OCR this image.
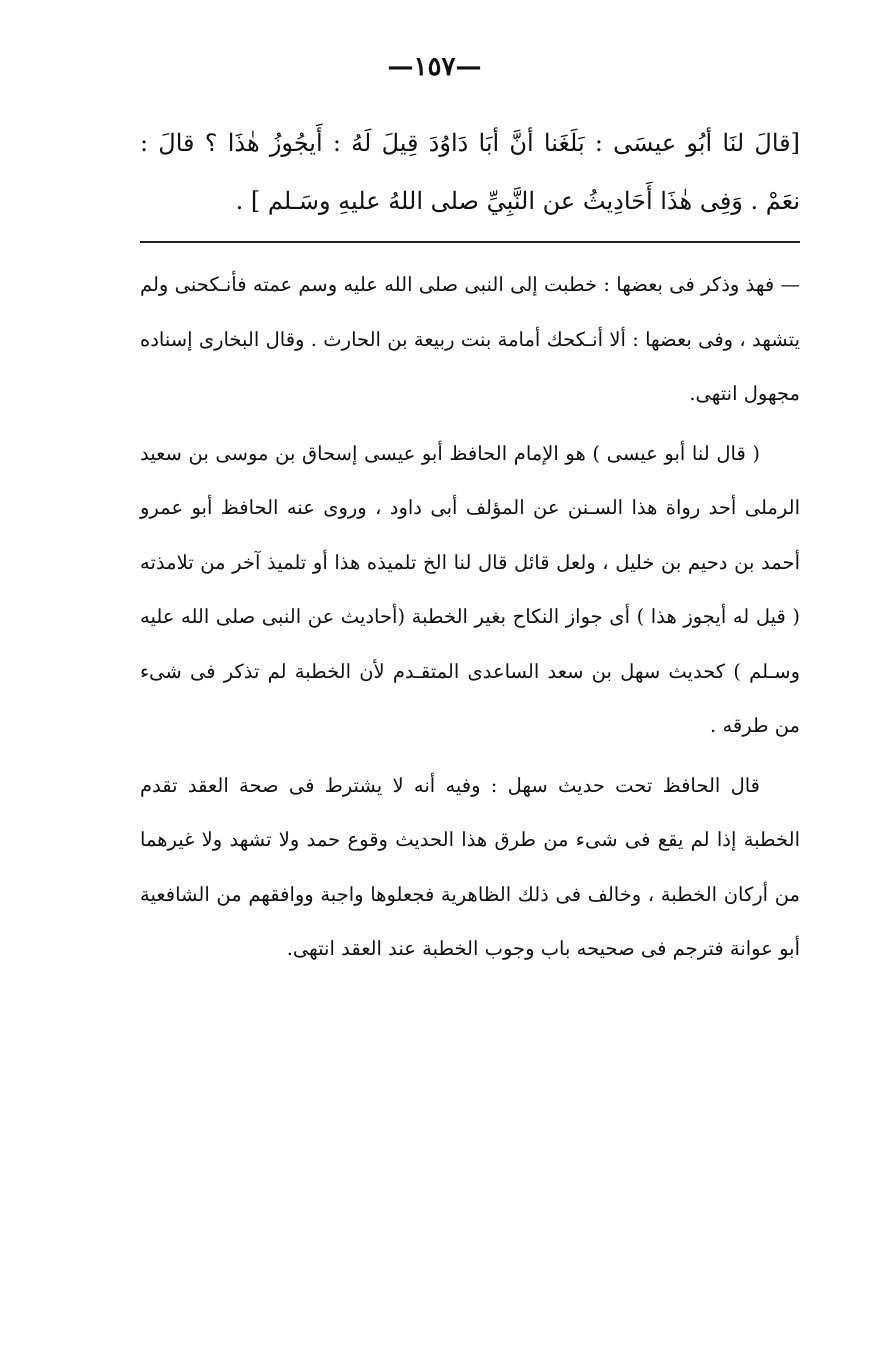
—١٥٧—

[قالَ لنَا أبُو عيسَى : بَلَغَنا أنَّ أبَا دَاوُدَ قِيلَ لَهُ : أَيجُوزُ هٰذَا ؟ قالَ : نعَمْ . وَفِى هٰذَا أَحَادِيثُ عن النَّبِيِّ صلى اللهُ عليهِ وسَـلم ] .

— فهذ وذكر فى بعضها : خطبت إلى النبى صلى الله عليه وسم عمته فأنـكحنى ولم يتشهد ، وفى بعضها : ألا أنـكحك أمامة بنت ربيعة بن الحارث . وقال البخارى إسناده مجهول انتهى.

( قال لنا أبو عيسى ) هو الإمام الحافظ أبو عيسى إسحاق بن موسى بن سعيد الرملى أحد رواة هذا السـنن عن المؤلف أبى داود ، وروى عنه الحافظ أبو عمرو أحمد بن دحيم بن خليل ، ولعل قائل قال لنا الخ تلميذه هذا أو تلميذ آخر من تلامذته ( قيل له أيجوز هذا ) أى جواز النكاح بغير الخطبة (أحاديث عن النبى صلى الله عليه وسـلم ) كحديث سهل بن سعد الساعدى المتقـدم لأن الخطبة لم تذكر فى شىء من طرقه .

قال الحافظ تحت حديث سهل : وفيه أنه لا يشترط فى صحة العقد تقدم الخطبة إذا لم يقع فى شىء من طرق هذا الحديث وقوع حمد ولا تشهد ولا غيرهما من أركان الخطبة ، وخالف فى ذلك الظاهرية فجعلوها واجبة ووافقهم من الشافعية أبو عوانة فترجم فى صحيحه باب وجوب الخطبة عند العقد انتهى.
